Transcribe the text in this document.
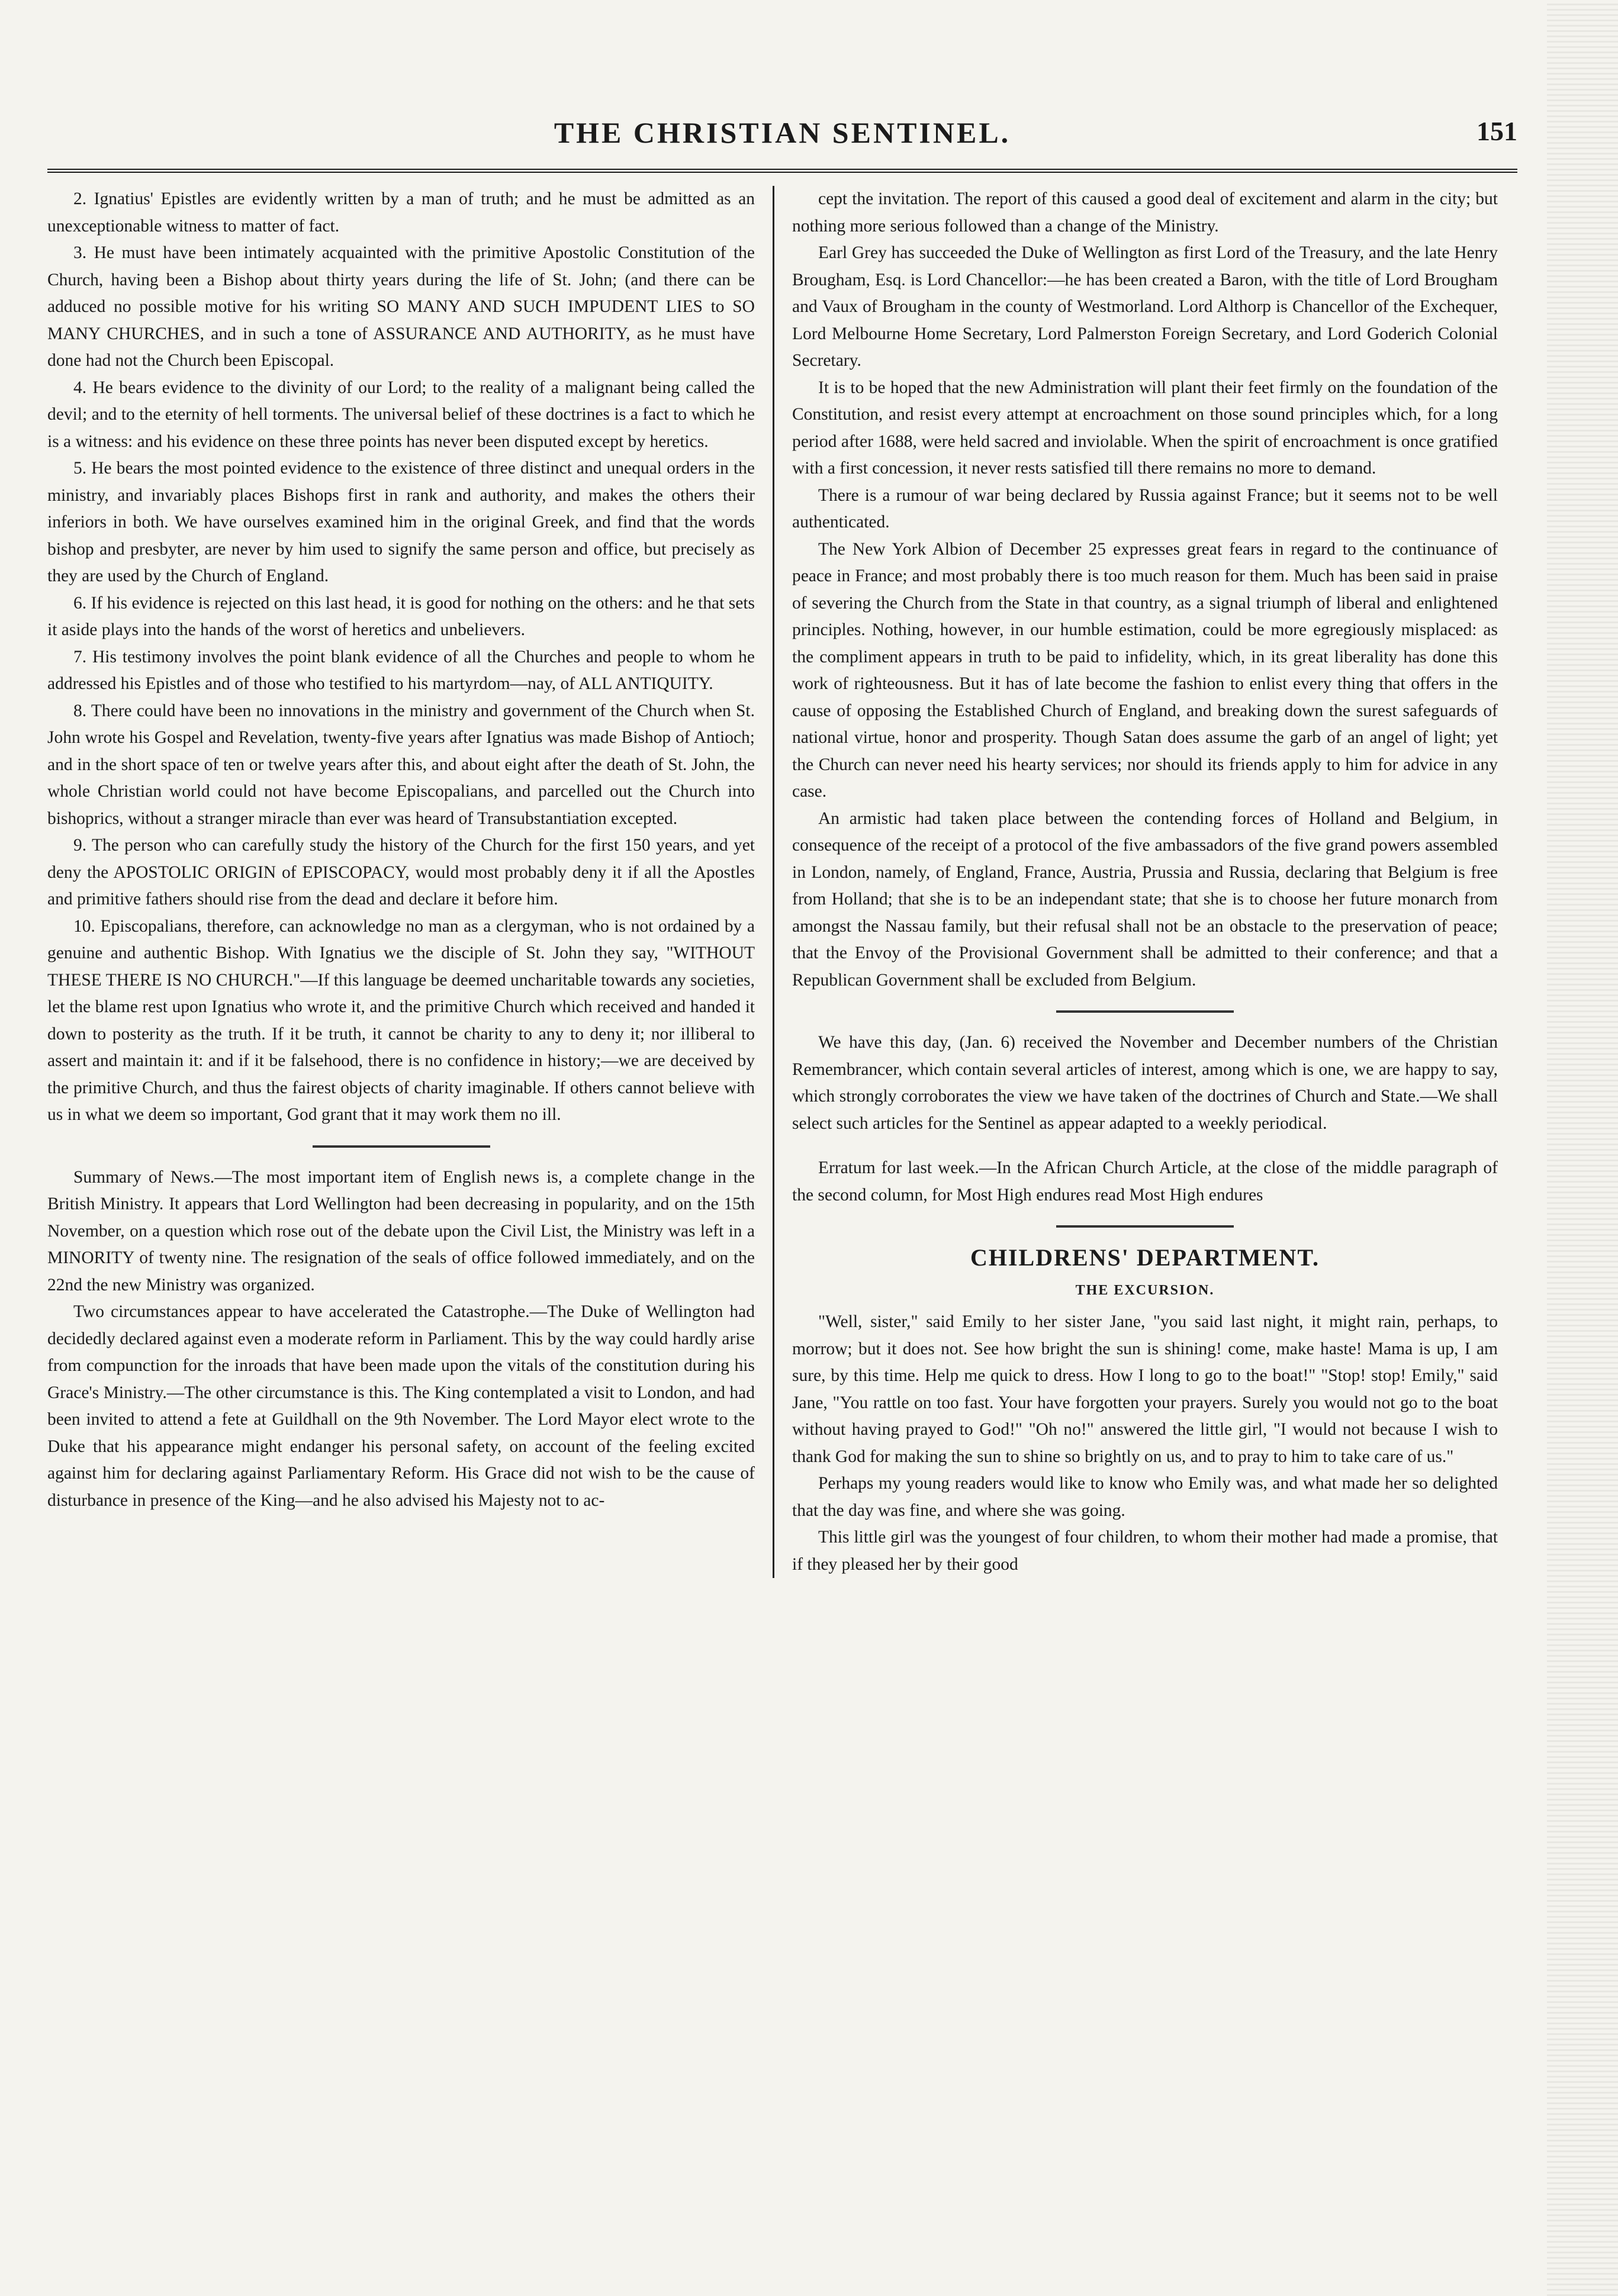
THE CHRISTIAN SENTINEL.	151

2. Ignatius' Epistles are evidently written by a man of truth; and he must be admitted as an unexceptionable witness to matter of fact.

3. He must have been intimately acquainted with the primitive Apostolic Constitution of the Church, having been a Bishop about thirty years during the life of St. John; (and there can be adduced no possible motive for his writing SO MANY AND SUCH IMPUDENT LIES to SO MANY CHURCHES, and in such a tone of ASSURANCE AND AUTHORITY, as he must have done had not the Church been Episcopal.

4. He bears evidence to the divinity of our Lord; to the reality of a malignant being called the devil; and to the eternity of hell torments. The universal belief of these doctrines is a fact to which he is a witness: and his evidence on these three points has never been disputed except by heretics.

5. He bears the most pointed evidence to the existence of three distinct and unequal orders in the ministry, and invariably places Bishops first in rank and authority, and makes the others their inferiors in both. We have ourselves examined him in the original Greek, and find that the words bishop and presbyter, are never by him used to signify the same person and office, but precisely as they are used by the Church of England.

6. If his evidence is rejected on this last head, it is good for nothing on the others: and he that sets it aside plays into the hands of the worst of heretics and unbelievers.

7. His testimony involves the point blank evidence of all the Churches and people to whom he addressed his Epistles and of those who testified to his martyrdom—nay, of ALL ANTIQUITY.

8. There could have been no innovations in the ministry and government of the Church when St. John wrote his Gospel and Revelation, twenty-five years after Ignatius was made Bishop of Antioch; and in the short space of ten or twelve years after this, and about eight after the death of St. John, the whole Christian world could not have become Episcopalians, and parcelled out the Church into bishoprics, without a stranger miracle than ever was heard of Transubstantiation excepted.

9. The person who can carefully study the history of the Church for the first 150 years, and yet deny the APOSTOLIC ORIGIN of EPISCOPACY, would most probably deny it if all the Apostles and primitive fathers should rise from the dead and declare it before him.

10. Episcopalians, therefore, can acknowledge no man as a clergyman, who is not ordained by a genuine and authentic Bishop. With Ignatius we the disciple of St. John they say, "WITHOUT THESE THERE IS NO CHURCH."—If this language be deemed uncharitable towards any societies, let the blame rest upon Ignatius who wrote it, and the primitive Church which received and handed it down to posterity as the truth. If it be truth, it cannot be charity to any to deny it; nor illiberal to assert and maintain it: and if it be falsehood, there is no confidence in history;—we are deceived by the primitive Church, and thus the fairest objects of charity imaginable. If others cannot believe with us in what we deem so important, God grant that it may work them no ill.

Summary of News.—The most important item of English news is, a complete change in the British Ministry. It appears that Lord Wellington had been decreasing in popularity, and on the 15th November, on a question which rose out of the debate upon the Civil List, the Ministry was left in a MINORITY of twenty nine. The resignation of the seals of office followed immediately, and on the 22nd the new Ministry was organized.

Two circumstances appear to have accelerated the Catastrophe.—The Duke of Wellington had decidedly declared against even a moderate reform in Parliament. This by the way could hardly arise from compunction for the inroads that have been made upon the vitals of the constitution during his Grace's Ministry.—The other circumstance is this. The King contemplated a visit to London, and had been invited to attend a fete at Guildhall on the 9th November. The Lord Mayor elect wrote to the Duke that his appearance might endanger his personal safety, on account of the feeling excited against him for declaring against Parliamentary Reform. His Grace did not wish to be the cause of disturbance in presence of the King—and he also advised his Majesty not to ac-

cept the invitation. The report of this caused a good deal of excitement and alarm in the city; but nothing more serious followed than a change of the Ministry.

Earl Grey has succeeded the Duke of Wellington as first Lord of the Treasury, and the late Henry Brougham, Esq. is Lord Chancellor:—he has been created a Baron, with the title of Lord Brougham and Vaux of Brougham in the county of Westmorland. Lord Althorp is Chancellor of the Exchequer, Lord Melbourne Home Secretary, Lord Palmerston Foreign Secretary, and Lord Goderich Colonial Secretary.

It is to be hoped that the new Administration will plant their feet firmly on the foundation of the Constitution, and resist every attempt at encroachment on those sound principles which, for a long period after 1688, were held sacred and inviolable. When the spirit of encroachment is once gratified with a first concession, it never rests satisfied till there remains no more to demand.

There is a rumour of war being declared by Russia against France; but it seems not to be well authenticated.

The New York Albion of December 25 expresses great fears in regard to the continuance of peace in France; and most probably there is too much reason for them. Much has been said in praise of severing the Church from the State in that country, as a signal triumph of liberal and enlightened principles. Nothing, however, in our humble estimation, could be more egregiously misplaced: as the compliment appears in truth to be paid to infidelity, which, in its great liberality has done this work of righteousness. But it has of late become the fashion to enlist every thing that offers in the cause of opposing the Established Church of England, and breaking down the surest safeguards of national virtue, honor and prosperity. Though Satan does assume the garb of an angel of light; yet the Church can never need his hearty services; nor should its friends apply to him for advice in any case.

An armistic had taken place between the contending forces of Holland and Belgium, in consequence of the receipt of a protocol of the five ambassadors of the five grand powers assembled in London, namely, of England, France, Austria, Prussia and Russia, declaring that Belgium is free from Holland; that she is to be an independant state; that she is to choose her future monarch from amongst the Nassau family, but their refusal shall not be an obstacle to the preservation of peace; that the Envoy of the Provisional Government shall be admitted to their conference; and that a Republican Government shall be excluded from Belgium.

We have this day, (Jan. 6) received the November and December numbers of the Christian Remembrancer, which contain several articles of interest, among which is one, we are happy to say, which strongly corroborates the view we have taken of the doctrines of Church and State.—We shall select such articles for the Sentinel as appear adapted to a weekly periodical.

Erratum for last week.—In the African Church Article, at the close of the middle paragraph of the second column, for Most High endures read Most High endures

CHILDRENS' DEPARTMENT.
THE EXCURSION.

"Well, sister," said Emily to her sister Jane, "you said last night, it might rain, perhaps, to morrow; but it does not. See how bright the sun is shining! come, make haste! Mama is up, I am sure, by this time. Help me quick to dress. How I long to go to the boat!" "Stop! stop! Emily," said Jane, "You rattle on too fast. Your have forgotten your prayers. Surely you would not go to the boat without having prayed to God!" "Oh no!" answered the little girl, "I would not because I wish to thank God for making the sun to shine so brightly on us, and to pray to him to take care of us."

Perhaps my young readers would like to know who Emily was, and what made her so delighted that the day was fine, and where she was going.

This little girl was the youngest of four children, to whom their mother had made a promise, that if they pleased her by their good
